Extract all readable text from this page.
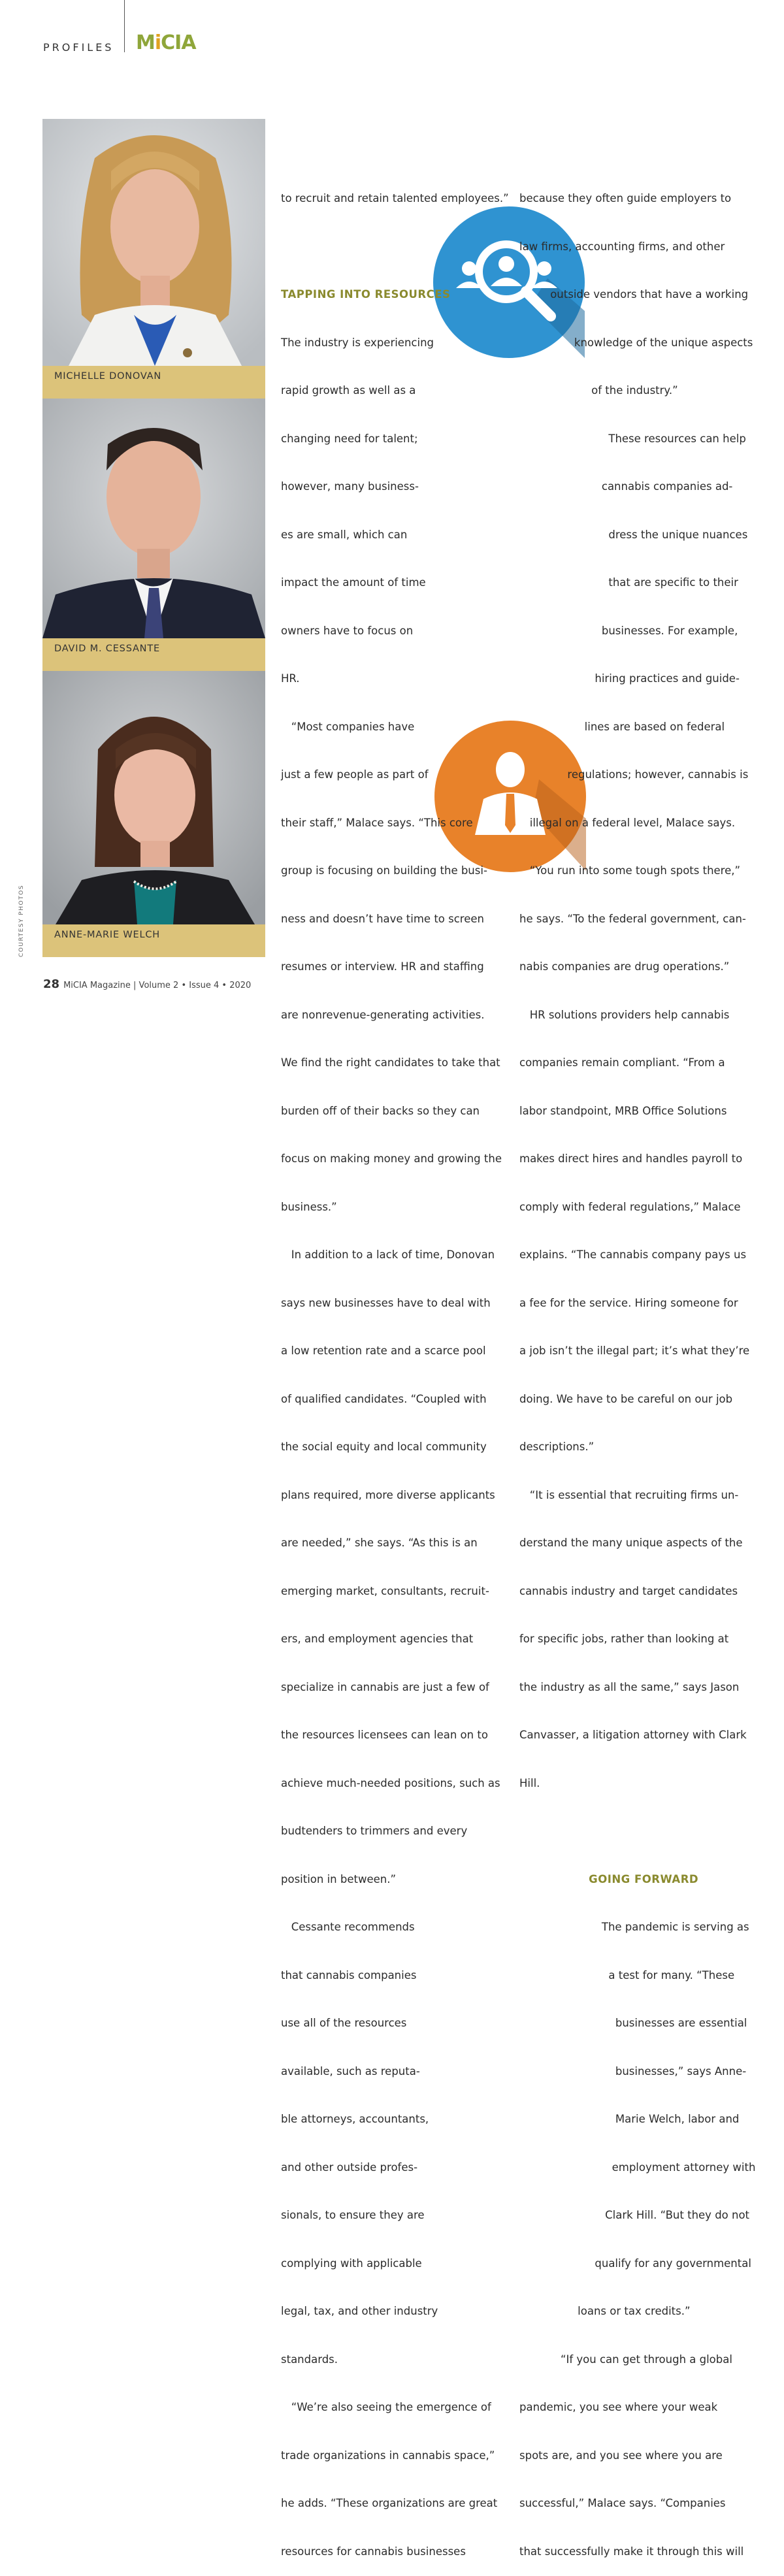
PROFILES MiCIA
MICHELLE DONOVAN
DAVID M. CESSANTE
ANNE-MARIE WELCH
COURTESY PHOTOS

to recruit and retain talented employees.”

TAPPING INTO RESOURCES

The industry is experiencing

rapid growth as well as a

changing need for talent;

however, many business-

es are small, which can

impact the amount of time

owners have to focus on

HR.

“Most companies have

just a few people as part of

their staff,” Malace says. “This core

group is focusing on building the busi-

ness and doesn’t have time to screen

resumes or interview. HR and staffing

are nonrevenue-generating activities.

We find the right candidates to take that

burden off of their backs so they can

focus on making money and growing the

business.”

In addition to a lack of time, Donovan

says new businesses have to deal with

a low retention rate and a scarce pool

of qualified candidates. “Coupled with

the social equity and local community

plans required, more diverse applicants

are needed,” she says. “As this is an

emerging market, consultants, recruit-

ers, and employment agencies that

specialize in cannabis are just a few of

the resources licensees can lean on to

achieve much-needed positions, such as

budtenders to trimmers and every

position in between.”

Cessante recommends

that cannabis companies

use all of the resources

available, such as reputa-

ble attorneys, accountants,

and other outside profes-

sionals, to ensure they are

complying with applicable

legal, tax, and other industry

standards.

“We’re also seeing the emergence of

trade organizations in cannabis space,”

he adds. “These organizations are great

resources for cannabis businesses

because they often guide employers to

law firms, accounting firms, and other

outside vendors that have a working

knowledge of the unique aspects

of the industry.”

These resources can help

cannabis companies ad-

dress the unique nuances

that are specific to their

businesses. For example,

hiring practices and guide-

lines are based on federal

regulations; however, cannabis is

illegal on a federal level, Malace says.

“You run into some tough spots there,”

he says. “To the federal government, can-

nabis companies are drug operations.”

HR solutions providers help cannabis

companies remain compliant. “From a

labor standpoint, MRB Office Solutions

makes direct hires and handles payroll to

comply with federal regulations,” Malace

explains. “The cannabis company pays us

a fee for the service. Hiring someone for

a job isn’t the illegal part; it’s what they’re

doing. We have to be careful on our job

descriptions.”

“It is essential that recruiting firms un-

derstand the many unique aspects of the

cannabis industry and target candidates

for specific jobs, rather than looking at

the industry as all the same,” says Jason

Canvasser, a litigation attorney with Clark

Hill.

GOING FORWARD

The pandemic is serving as

a test for many. “These

businesses are essential

businesses,” says Anne-

Marie Welch, labor and

employment attorney with

Clark Hill. “But they do not

qualify for any governmental

loans or tax credits.”

“If you can get through a global

pandemic, you see where your weak

spots are, and you see where you are

successful,” Malace says. “Companies

that successfully make it through this will

28 MiCIA Magazine | Volume 2 • Issue 4 • 2020
